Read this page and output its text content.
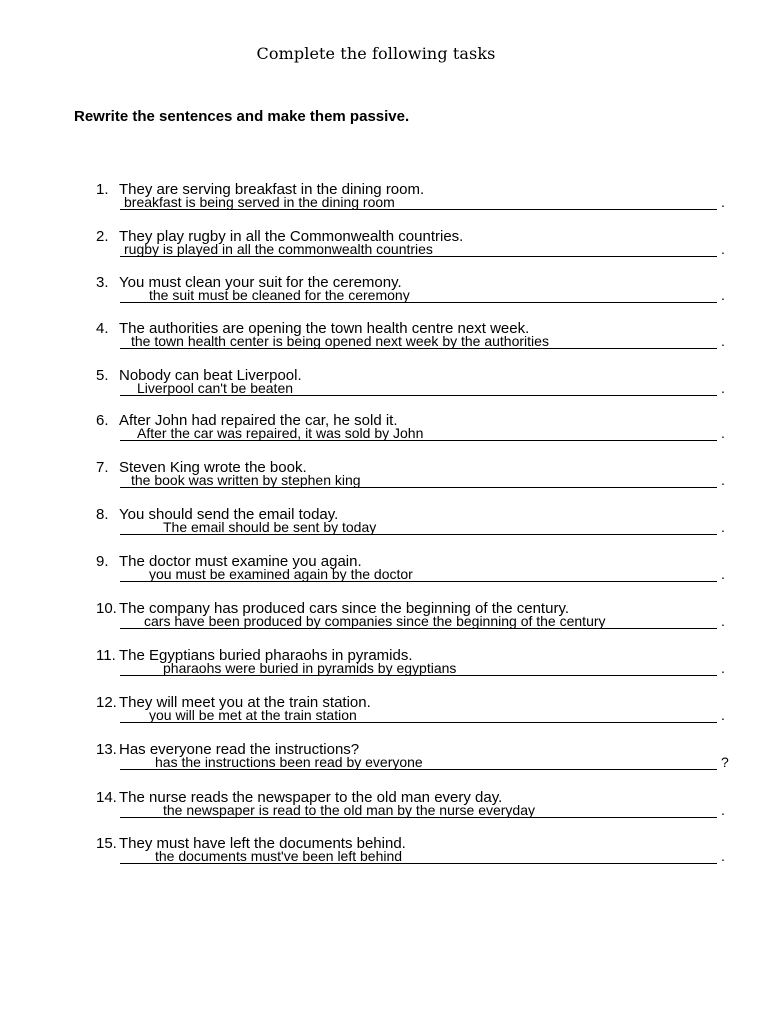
Complete the following tasks
Rewrite the sentences and make them passive.
1. They are serving breakfast in the dining room.
breakfast is being served in the dining room	.
2. They play rugby in all the Commonwealth countries.
rugby is played in all the commonwealth countries	.
3. You must clean your suit for the ceremony.
the suit must be cleaned for the ceremony	.
4. The authorities are opening the town health centre next week.
the town health center is being opened next week by the authorities	.
5. Nobody can beat Liverpool.
Liverpool can't be beaten	.
6. After John had repaired the car, he sold it.
After the car was repaired, it was sold by John	.
7. Steven King wrote the book.
the book was written by stephen king	.
8. You should send the email today.
The email should be sent by today	.
9. The doctor must examine you again.
you must be examined again by the doctor	.
10. The company has produced cars since the beginning of the century.
cars have been produced by companies since the beginning of the century	.
11. The Egyptians buried pharaohs in pyramids.
pharaohs were buried in pyramids by egyptians	.
12. They will meet you at the train station.
you will be met at the train station	.
13. Has everyone read the instructions?
has the instructions been read by everyone	?
14. The nurse reads the newspaper to the old man every day.
the newspaper is read to the old man by the nurse everyday	.
15. They must have left the documents behind.
the documents must've been left behind	.
